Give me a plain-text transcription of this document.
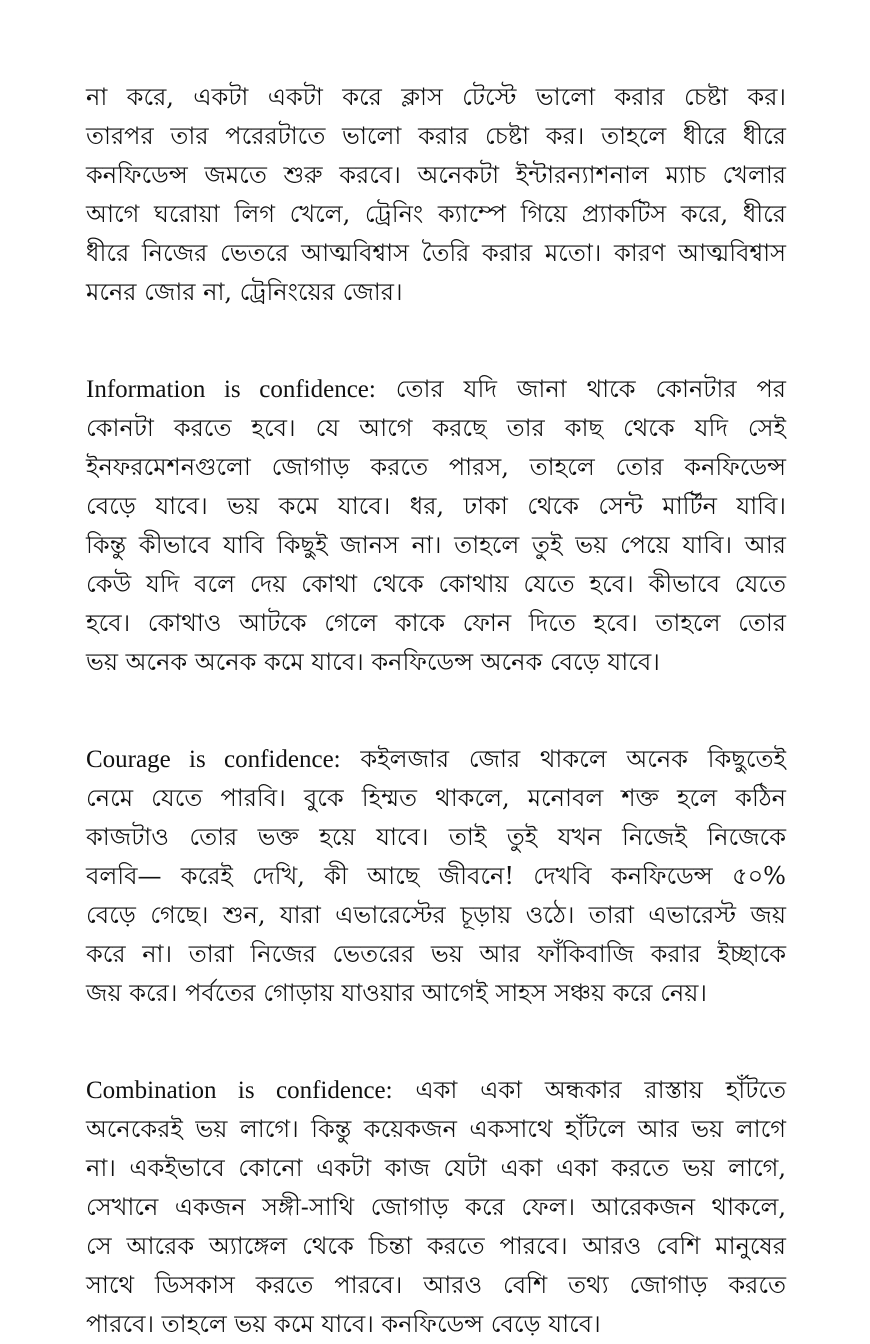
না করে, একটা একটা করে ক্লাস টেস্টে ভালো করার চেষ্টা কর।
তারপর তার পরেরটাতে ভালো করার চেষ্টা কর। তাহলে ধীরে ধীরে
কনফিডেন্স জমতে শুরু করবে। অনেকটা ইন্টারন্যাশনাল ম্যাচ খেলার
আগে ঘরোয়া লিগ খেলে, ট্রেনিং ক্যাম্পে গিয়ে প্র্যাকটিস করে, ধীরে
ধীরে নিজের ভেতরে আত্মবিশ্বাস তৈরি করার মতো। কারণ আত্মবিশ্বাস
মনের জোর না, ট্রেনিংয়ের জোর।
Information is confidence: তোর যদি জানা থাকে কোনটার পর
কোনটা করতে হবে। যে আগে করছে তার কাছ থেকে যদি সেই
ইনফরমেশনগুলো জোগাড় করতে পারস, তাহলে তোর কনফিডেন্স
বেড়ে যাবে। ভয় কমে যাবে। ধর, ঢাকা থেকে সেন্ট মার্টিন যাবি।
কিন্তু কীভাবে যাবি কিছুই জানস না। তাহলে তুই ভয় পেয়ে যাবি। আর
কেউ যদি বলে দেয় কোথা থেকে কোথায় যেতে হবে। কীভাবে যেতে
হবে। কোথাও আটকে গেলে কাকে ফোন দিতে হবে। তাহলে তোর
ভয় অনেক অনেক কমে যাবে। কনফিডেন্স অনেক বেড়ে যাবে।
Courage is confidence: কইলজার জোর থাকলে অনেক কিছুতেই
নেমে যেতে পারবি। বুকে হিম্মত থাকলে, মনোবল শক্ত হলে কঠিন
কাজটাও তোর ভক্ত হয়ে যাবে। তাই তুই যখন নিজেই নিজেকে
বলবি— করেই দেখি, কী আছে জীবনে! দেখবি কনফিডেন্স ৫০%
বেড়ে গেছে। শুন, যারা এভারেস্টের চূড়ায় ওঠে। তারা এভারেস্ট জয়
করে না। তারা নিজের ভেতরের ভয় আর ফাঁকিবাজি করার ইচ্ছাকে
জয় করে। পর্বতের গোড়ায় যাওয়ার আগেই সাহস সঞ্চয় করে নেয়।
Combination is confidence: একা একা অন্ধকার রাস্তায় হাঁটতে
অনেকেরই ভয় লাগে। কিন্তু কয়েকজন একসাথে হাঁটলে আর ভয় লাগে
না। একইভাবে কোনো একটা কাজ যেটা একা একা করতে ভয় লাগে,
সেখানে একজন সঙ্গী-সাথি জোগাড় করে ফেল। আরেকজন থাকলে,
সে আরেক অ্যাঙ্গেল থেকে চিন্তা করতে পারবে। আরও বেশি মানুষের
সাথে ডিসকাস করতে পারবে। আরও বেশি তথ্য জোগাড় করতে
পারবে। তাহলে ভয় কমে যাবে। কনফিডেন্স বেড়ে যাবে।
